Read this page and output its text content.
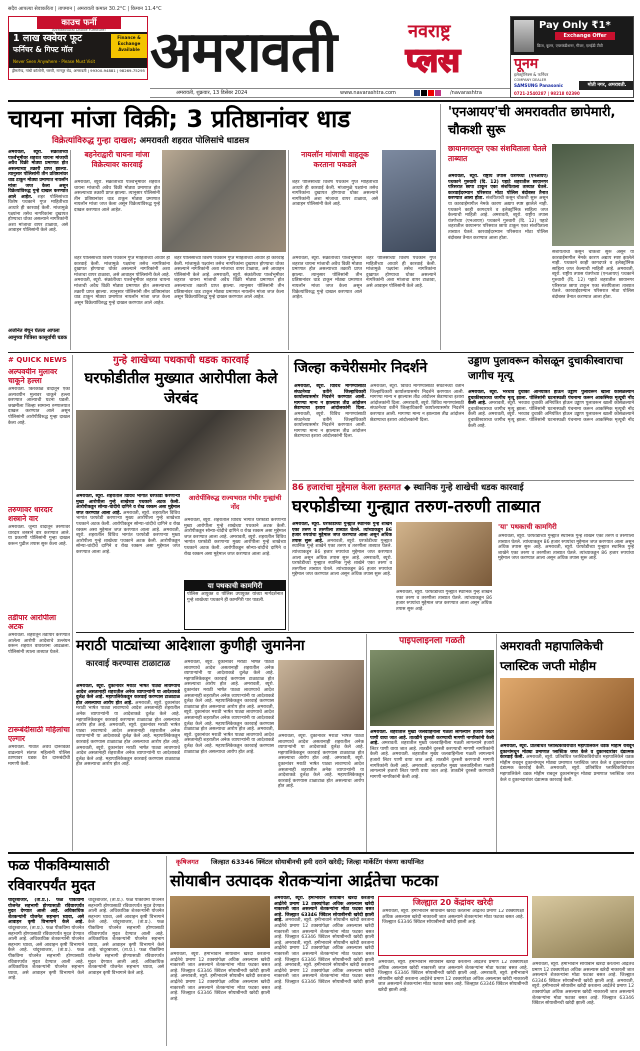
सदैव आपल्या सेवाकरिता | तापमान | अमरावती कमाल 30.2°C | किमान 11.4°C
काउच फर्नी
Architectural Choice Furniture!
1 लाख स्क्वेयर फूट
फर्निचर & गिफ्ट मॉल
Finance & Exchange Available
Never Seen Anywhere - Please Must Visit
ड्रीमलॅन्ड, गांधी कॉलोनी, चरणी, नागपूर रोड, अमरावती | 99300-94881 | 98269-75295 अमरावती	नवराष्ट्र
प्लस
अमरावती, शुक्रवार, 13 डिसेंबर 2024	www.navarashtra.com	/navarashtra
Pay Only ₹1*
Exchange Offer
फ्रिज, कूलर, एयरकंडीशनर, गीजर, एलईडी टीवी
पूनम
इलेक्ट्रॉनिक्स & फर्निचर
COMPANY DEALER
SAMSUNG Panasonic	मोती नगर, अमरावती.
0721-2540287 | 98218 02390
चायना मांजा विक्री; 3 प्रतिष्ठानांवर धाड
विक्रेत्यांविरुद्ध गुन्हा दाखल; अमरावती शहरात पोलिसांचे धाडसत्र
अमरावती, ब्यूरो. संक्रांतीच्या पार्श्वभूमीवर शहरात चायना मांजाची अवैध विक्री मोठ्या प्रमाणात होत असल्याच्या तक्रारी प्राप्त झाल्या. त्यानुसार पोलिसांनी तीन प्रतिष्ठानांवर धाड टाकून मोठ्या प्रमाणात नायलॉन मांजा जप्त केला असून विक्रेत्यांविरुद्ध गुन्हे दाखल करण्यात आले आहेत. शहर पोलिसांच्या विशेष पथकाने गुप्त माहितीच्या आधारे ही कारवाई केली. मांजामुळे पक्ष्यांना तसेच नागरिकांना दुखापत होण्याचा धोका असल्याने नागरिकांनी अशा मांजाचा वापर टाळावा, असे आवाहन पोलिसांनी केले आहे.
अजोनेत बेचून घेतला आपला आमुच्या पित्रिसा कासूर्याची घडक
बहनेराद्वारी चायना मांजा विक्रेत्यावर कारवाई
अमरावती, ब्यूरो. संक्रांतीच्या पार्श्वभूमीवर शहरात चायना मांजाची अवैध विक्री मोठ्या प्रमाणात होत असल्याच्या तक्रारी प्राप्त झाल्या. त्यानुसार पोलिसांनी तीन प्रतिष्ठानांवर धाड टाकून मोठ्या प्रमाणात नायलॉन मांजा जप्त केला असून विक्रेत्यांविरुद्ध गुन्हे दाखल करण्यात आले आहेत.
शहर पोलिसांच्या विशेष पथकाने गुप्त माहितीच्या आधारे ही कारवाई केली. मांजामुळे पक्ष्यांना तसेच नागरिकांना दुखापत होण्याचा धोका असल्याने नागरिकांनी अशा मांजाचा वापर टाळावा, असे आवाहन पोलिसांनी केले आहे. अमरावती, ब्यूरो. संक्रांतीच्या पार्श्वभूमीवर शहरात चायना मांजाची अवैध विक्री मोठ्या प्रमाणात होत असल्याच्या तक्रारी प्राप्त झाल्या. त्यानुसार पोलिसांनी तीन प्रतिष्ठानांवर धाड टाकून मोठ्या प्रमाणात नायलॉन मांजा जप्त केला असून विक्रेत्यांविरुद्ध गुन्हे दाखल करण्यात आले आहेत.
शहर पोलिसांच्या विशेष पथकाने गुप्त माहितीच्या आधारे ही कारवाई केली. मांजामुळे पक्ष्यांना तसेच नागरिकांना दुखापत होण्याचा धोका असल्याने नागरिकांनी अशा मांजाचा वापर टाळावा, असे आवाहन पोलिसांनी केले आहे. अमरावती, ब्यूरो. संक्रांतीच्या पार्श्वभूमीवर शहरात चायना मांजाची अवैध विक्री मोठ्या प्रमाणात होत असल्याच्या तक्रारी प्राप्त झाल्या. त्यानुसार पोलिसांनी तीन प्रतिष्ठानांवर धाड टाकून मोठ्या प्रमाणात नायलॉन मांजा जप्त केला असून विक्रेत्यांविरुद्ध गुन्हे दाखल करण्यात आले आहेत.
नायलॉन मांजाची वाहतूक करताना पकडले
शहर पोलिसांच्या विशेष पथकाने गुप्त माहितीच्या आधारे ही कारवाई केली. मांजामुळे पक्ष्यांना तसेच नागरिकांना दुखापत होण्याचा धोका असल्याने नागरिकांनी अशा मांजाचा वापर टाळावा, असे आवाहन पोलिसांनी केले आहे.
अमरावती, ब्यूरो. संक्रांतीच्या पार्श्वभूमीवर शहरात चायना मांजाची अवैध विक्री मोठ्या प्रमाणात होत असल्याच्या तक्रारी प्राप्त झाल्या. त्यानुसार पोलिसांनी तीन प्रतिष्ठानांवर धाड टाकून मोठ्या प्रमाणात नायलॉन मांजा जप्त केला असून विक्रेत्यांविरुद्ध गुन्हे दाखल करण्यात आले आहेत.
शहर पोलिसांच्या विशेष पथकाने गुप्त माहितीच्या आधारे ही कारवाई केली. मांजामुळे पक्ष्यांना तसेच नागरिकांना दुखापत होण्याचा धोका असल्याने नागरिकांनी अशा मांजाचा वापर टाळावा, असे आवाहन पोलिसांनी केले आहे.
'एनआयए'ची अमरावतीत छापेमारी, चौकशी सुरू
छायानगरातून एका संशयिताला घेतले ताब्यात
अमरावती, ब्यूरो. राष्ट्रीय तपास यंत्रणेच्या (एनआयए) पथकाने गुरुवारी (दि. 12) पहाटे शहरातील छायानगर परिसरात छापा टाकून एका संशयिताला ताब्यात घेतले. कारवाईदरम्यान परिसरात मोठा पोलिस बंदोबस्त तैनात करण्यात आला होता. संशयिताची कसून चौकशी सुरू असून या कारवाईमागील नेमके कारण अद्याप स्पष्ट झालेले नाही. पथकाने काही कागदपत्रे व इलेक्ट्रॉनिक साहित्य जप्त केल्याची माहिती आहे. अमरावती, ब्यूरो. राष्ट्रीय तपास यंत्रणेच्या (एनआयए) पथकाने गुरुवारी (दि. 12) पहाटे शहरातील छायानगर परिसरात छापा टाकून एका संशयिताला ताब्यात घेतले. कारवाईदरम्यान परिसरात मोठा पोलिस बंदोबस्त तैनात करण्यात आला होता.
संशयिताची कसून चौकशी सुरू असून या कारवाईमागील नेमके कारण अद्याप स्पष्ट झालेले नाही. पथकाने काही कागदपत्रे व इलेक्ट्रॉनिक साहित्य जप्त केल्याची माहिती आहे. अमरावती, ब्यूरो. राष्ट्रीय तपास यंत्रणेच्या (एनआयए) पथकाने गुरुवारी (दि. 12) पहाटे शहरातील छायानगर परिसरात छापा टाकून एका संशयिताला ताब्यात घेतले. कारवाईदरम्यान परिसरात मोठा पोलिस बंदोबस्त तैनात करण्यात आला होता.
# QUICK NEWS
अल्पवयीन मुलावर चाकूने हल्ला
अमरावती. किरकोळ वादातून एका अल्पवयीन मुलावर चाकूने हल्ला करण्यात आल्याची घटना घडली. जखमीला जिल्हा सामान्य रुग्णालयात दाखल करण्यात आले असून पोलिसांनी आरोपीविरुद्ध गुन्हा दाखल केला आहे.
तरुणावर धारदार शस्त्राने वार
अमरावती. जुन्या वादातून तरुणावर धारदार शस्त्राने वार करण्यात आले. या प्रकरणी पोलिसांनी गुन्हा दाखल करून पुढील तपास सुरू केला आहे.
तडीपार आरोपीला अटक
अमरावती. शहरातून तडीपार करण्यात आलेला आरोपी आदेशाचे उल्लंघन करून शहरात वावरताना आढळला. पोलिसांनी त्याला ताब्यात घेतले.
टारूबंदीसाठी महिलांचा एल्गार
अमरावती. गावात अवैध दारूविक्री वाढल्याने संतप्त महिलांनी पोलिस ठाण्यावर धडक देत दारूबंदीची मागणी केली.
गुन्हे शाखेच्या पथकाची धडक कारवाई
घरफोडीतील मुख्यात आरोपीला केले जेरबंद
अमरावती, ब्यूरो. शहरातील विविध भागांत घरफोडी करणाऱ्या मुख्य आरोपीला गुन्हे शाखेच्या पथकाने अटक केली. आरोपीकडून सोन्या-चांदीचे दागिने व रोख रक्कम असा मुद्देमाल जप्त करण्यात आला आहे. अमरावती, ब्यूरो. शहरातील विविध भागांत घरफोडी करणाऱ्या मुख्य आरोपीला गुन्हे शाखेच्या पथकाने अटक केली. आरोपीकडून सोन्या-चांदीचे दागिने व रोख रक्कम असा मुद्देमाल जप्त करण्यात आला आहे. अमरावती, ब्यूरो. शहरातील विविध भागांत घरफोडी करणाऱ्या मुख्य आरोपीला गुन्हे शाखेच्या पथकाने अटक केली. आरोपीकडून सोन्या-चांदीचे दागिने व रोख रक्कम असा मुद्देमाल जप्त करण्यात आला आहे.
आरोपींविरुद्ध राज्यभरात गंभीर गुन्ह्यांची नोंद
अमरावती, ब्यूरो. शहरातील विविध भागांत घरफोडी करणाऱ्या मुख्य आरोपीला गुन्हे शाखेच्या पथकाने अटक केली. आरोपीकडून सोन्या-चांदीचे दागिने व रोख रक्कम असा मुद्देमाल जप्त करण्यात आला आहे. अमरावती, ब्यूरो. शहरातील विविध भागांत घरफोडी करणाऱ्या मुख्य आरोपीला गुन्हे शाखेच्या पथकाने अटक केली. आरोपीकडून सोन्या-चांदीचे दागिने व रोख रक्कम असा मुद्देमाल जप्त करण्यात आला आहे.
या पथकाची कामगिरी
पोलिस आयुक्त व पोलिस उपायुक्त यांच्या मार्गदर्शनात गुन्हे शाखेच्या पथकाने ही कामगिरी पार पाडली.
जिल्हा कचेरीसमोर निदर्शने
अमरावती, ब्यूरो. विविध मागण्यांसाठी संघटनेच्या वतीने जिल्हाधिकारी कार्यालयासमोर निदर्शने करण्यात आली. मागण्या मान्य न झाल्यास तीव्र आंदोलन छेडण्याचा इशारा आंदोलकांनी दिला. अमरावती, ब्यूरो. विविध मागण्यांसाठी संघटनेच्या वतीने जिल्हाधिकारी कार्यालयासमोर निदर्शने करण्यात आली. मागण्या मान्य न झाल्यास तीव्र आंदोलन छेडण्याचा इशारा आंदोलकांनी दिला.
अमरावती, ब्यूरो. विविध मागण्यांसाठी संघटनेच्या वतीने जिल्हाधिकारी कार्यालयासमोर निदर्शने करण्यात आली. मागण्या मान्य न झाल्यास तीव्र आंदोलन छेडण्याचा इशारा आंदोलकांनी दिला. अमरावती, ब्यूरो. विविध मागण्यांसाठी संघटनेच्या वतीने जिल्हाधिकारी कार्यालयासमोर निदर्शने करण्यात आली. मागण्या मान्य न झाल्यास तीव्र आंदोलन छेडण्याचा इशारा आंदोलकांनी दिला.
उड्डाण पुलावरून कोसळून दुचाकीस्वाराचा जागीच मृत्यू
अमरावती, ब्यूरो. भरधाव दुचाकी अनियंत्रित होऊन उड्डाण पुलावरून खाली कोसळल्याने दुचाकीस्वाराचा जागीच मृत्यू झाला. पोलिसांनी घटनास्थळी पंचनामा करून आकस्मिक मृत्यूची नोंद केली आहे. अमरावती, ब्यूरो. भरधाव दुचाकी अनियंत्रित होऊन उड्डाण पुलावरून खाली कोसळल्याने दुचाकीस्वाराचा जागीच मृत्यू झाला. पोलिसांनी घटनास्थळी पंचनामा करून आकस्मिक मृत्यूची नोंद केली आहे. अमरावती, ब्यूरो. भरधाव दुचाकी अनियंत्रित होऊन उड्डाण पुलावरून खाली कोसळल्याने दुचाकीस्वाराचा जागीच मृत्यू झाला. पोलिसांनी घटनास्थळी पंचनामा करून आकस्मिक मृत्यूची नोंद केली आहे.
86 हजारांचा मुद्देमाल केला हस्तगत ◆ स्थानिक गुन्हे शाखेची धडक कारवाई
घरफोडीच्या गुन्ह्यात तरुण-तरुणी ताब्यात
अमरावती, ब्यूरो. घरफोडीच्या गुन्ह्यात स्थानिक गुन्हे शाखेने एका तरुण व तरुणीला ताब्यात घेतले. त्यांच्याकडून 86 हजार रुपयांचा मुद्देमाल जप्त करण्यात आला असून अधिक तपास सुरू आहे. अमरावती, ब्यूरो. घरफोडीच्या गुन्ह्यात स्थानिक गुन्हे शाखेने एका तरुण व तरुणीला ताब्यात घेतले. त्यांच्याकडून 86 हजार रुपयांचा मुद्देमाल जप्त करण्यात आला असून अधिक तपास सुरू आहे. अमरावती, ब्यूरो. घरफोडीच्या गुन्ह्यात स्थानिक गुन्हे शाखेने एका तरुण व तरुणीला ताब्यात घेतले. त्यांच्याकडून 86 हजार रुपयांचा मुद्देमाल जप्त करण्यात आला असून अधिक तपास सुरू आहे.
'या' पथकाची कामगिरी
अमरावती, ब्यूरो. घरफोडीच्या गुन्ह्यात स्थानिक गुन्हे शाखेने एका तरुण व तरुणीला ताब्यात घेतले. त्यांच्याकडून 86 हजार रुपयांचा मुद्देमाल जप्त करण्यात आला असून अधिक तपास सुरू आहे. अमरावती, ब्यूरो. घरफोडीच्या गुन्ह्यात स्थानिक गुन्हे शाखेने एका तरुण व तरुणीला ताब्यात घेतले. त्यांच्याकडून 86 हजार रुपयांचा मुद्देमाल जप्त करण्यात आला असून अधिक तपास सुरू आहे.
अमरावती, ब्यूरो. घरफोडीच्या गुन्ह्यात स्थानिक गुन्हे शाखेने एका तरुण व तरुणीला ताब्यात घेतले. त्यांच्याकडून 86 हजार रुपयांचा मुद्देमाल जप्त करण्यात आला असून अधिक तपास सुरू आहे.
मराठी पाट्यांच्या आदेशाला कुणीही जुमानेना
कारवाई करण्यास टाळाटाळ
अमरावती, ब्यूरो. दुकानांवर मराठी भाषेत पाट्या लावण्याचे आदेश असतानाही शहरातील अनेक व्यापाऱ्यांनी या आदेशाकडे दुर्लक्ष केले आहे. महापालिकेकडून कारवाई करण्यास टाळाटाळ होत असल्याचा आरोप होत आहे. अमरावती, ब्यूरो. दुकानांवर मराठी भाषेत पाट्या लावण्याचे आदेश असतानाही शहरातील अनेक व्यापाऱ्यांनी या आदेशाकडे दुर्लक्ष केले आहे. महापालिकेकडून कारवाई करण्यास टाळाटाळ होत असल्याचा आरोप होत आहे. अमरावती, ब्यूरो. दुकानांवर मराठी भाषेत पाट्या लावण्याचे आदेश असतानाही शहरातील अनेक व्यापाऱ्यांनी या आदेशाकडे दुर्लक्ष केले आहे. महापालिकेकडून कारवाई करण्यास टाळाटाळ होत असल्याचा आरोप होत आहे. अमरावती, ब्यूरो. दुकानांवर मराठी भाषेत पाट्या लावण्याचे आदेश असतानाही शहरातील अनेक व्यापाऱ्यांनी या आदेशाकडे दुर्लक्ष केले आहे. महापालिकेकडून कारवाई करण्यास टाळाटाळ होत असल्याचा आरोप होत आहे.
अमरावती, ब्यूरो. दुकानांवर मराठी भाषेत पाट्या लावण्याचे आदेश असतानाही शहरातील अनेक व्यापाऱ्यांनी या आदेशाकडे दुर्लक्ष केले आहे. महापालिकेकडून कारवाई करण्यास टाळाटाळ होत असल्याचा आरोप होत आहे. अमरावती, ब्यूरो. दुकानांवर मराठी भाषेत पाट्या लावण्याचे आदेश असतानाही शहरातील अनेक व्यापाऱ्यांनी या आदेशाकडे दुर्लक्ष केले आहे. महापालिकेकडून कारवाई करण्यास टाळाटाळ होत असल्याचा आरोप होत आहे. अमरावती, ब्यूरो. दुकानांवर मराठी भाषेत पाट्या लावण्याचे आदेश असतानाही शहरातील अनेक व्यापाऱ्यांनी या आदेशाकडे दुर्लक्ष केले आहे. महापालिकेकडून कारवाई करण्यास टाळाटाळ होत असल्याचा आरोप होत आहे. अमरावती, ब्यूरो. दुकानांवर मराठी भाषेत पाट्या लावण्याचे आदेश असतानाही शहरातील अनेक व्यापाऱ्यांनी या आदेशाकडे दुर्लक्ष केले आहे. महापालिकेकडून कारवाई करण्यास टाळाटाळ होत असल्याचा आरोप होत आहे.
अमरावती, ब्यूरो. दुकानांवर मराठी भाषेत पाट्या लावण्याचे आदेश असतानाही शहरातील अनेक व्यापाऱ्यांनी या आदेशाकडे दुर्लक्ष केले आहे. महापालिकेकडून कारवाई करण्यास टाळाटाळ होत असल्याचा आरोप होत आहे. अमरावती, ब्यूरो. दुकानांवर मराठी भाषेत पाट्या लावण्याचे आदेश असतानाही शहरातील अनेक व्यापाऱ्यांनी या आदेशाकडे दुर्लक्ष केले आहे. महापालिकेकडून कारवाई करण्यास टाळाटाळ होत असल्याचा आरोप होत आहे.
पाइपलाइनला गळती
अमरावती. शहरातील मुख्य जलवाहिनीला गळती लागल्याने हजारो लिटर पाणी वाया जात आहे. तातडीने दुरुस्ती करण्याची मागणी नागरिकांनी केली आहे. अमरावती. शहरातील मुख्य जलवाहिनीला गळती लागल्याने हजारो लिटर पाणी वाया जात आहे. तातडीने दुरुस्ती करण्याची मागणी नागरिकांनी केली आहे. अमरावती. शहरातील मुख्य जलवाहिनीला गळती लागल्याने हजारो लिटर पाणी वाया जात आहे. तातडीने दुरुस्ती करण्याची मागणी नागरिकांनी केली आहे. अमरावती. शहरातील मुख्य जलवाहिनीला गळती लागल्याने हजारो लिटर पाणी वाया जात आहे. तातडीने दुरुस्ती करण्याची मागणी नागरिकांनी केली आहे.
अमरावती महापालिकेची प्लास्टिक जप्ती मोहीम
अमरावती, ब्यूरो. प्रतिबंधित प्लास्टिकविरोधात महापालिकेने धडक मोहीम राबवून दुकानांमधून मोठ्या प्रमाणात प्लास्टिक जप्त केले व दुकानदारांवर दंडात्मक कारवाई केली. अमरावती, ब्यूरो. प्रतिबंधित प्लास्टिकविरोधात महापालिकेने धडक मोहीम राबवून दुकानांमधून मोठ्या प्रमाणात प्लास्टिक जप्त केले व दुकानदारांवर दंडात्मक कारवाई केली. अमरावती, ब्यूरो. प्रतिबंधित प्लास्टिकविरोधात महापालिकेने धडक मोहीम राबवून दुकानांमधून मोठ्या प्रमाणात प्लास्टिक जप्त केले व दुकानदारांवर दंडात्मक कारवाई केली.
फळ पीकविम्यासाठी रविवारपर्यंत मुदत
चांदूरबाजार, (ता.प्र.). फळ पीकविमा योजनेत सहभागी होण्यासाठी रविवारपर्यंत मुदत देण्यात आली आहे. अधिकाधिक शेतकऱ्यांनी योजनेत सहभाग घ्यावा, असे आवाहन कृषी विभागाने केले आहे. चांदूरबाजार, (ता.प्र.). फळ पीकविमा योजनेत सहभागी होण्यासाठी रविवारपर्यंत मुदत देण्यात आली आहे. अधिकाधिक शेतकऱ्यांनी योजनेत सहभाग घ्यावा, असे आवाहन कृषी विभागाने केले आहे. चांदूरबाजार, (ता.प्र.). फळ पीकविमा योजनेत सहभागी होण्यासाठी रविवारपर्यंत मुदत देण्यात आली आहे. अधिकाधिक शेतकऱ्यांनी योजनेत सहभाग घ्यावा, असे आवाहन कृषी विभागाने केले आहे.
चांदूरबाजार, (ता.प्र.). फळ पीकविमा योजनेत सहभागी होण्यासाठी रविवारपर्यंत मुदत देण्यात आली आहे. अधिकाधिक शेतकऱ्यांनी योजनेत सहभाग घ्यावा, असे आवाहन कृषी विभागाने केले आहे. चांदूरबाजार, (ता.प्र.). फळ पीकविमा योजनेत सहभागी होण्यासाठी रविवारपर्यंत मुदत देण्यात आली आहे. अधिकाधिक शेतकऱ्यांनी योजनेत सहभाग घ्यावा, असे आवाहन कृषी विभागाने केले आहे. चांदूरबाजार, (ता.प्र.). फळ पीकविमा योजनेत सहभागी होण्यासाठी रविवारपर्यंत मुदत देण्यात आली आहे. अधिकाधिक शेतकऱ्यांनी योजनेत सहभाग घ्यावा, असे आवाहन कृषी विभागाने केले आहे.
कृषिजगत जिल्हात 63346 क्विंटल सोयाबीनची हमी दराने खरेदी; जिल्हा मार्केटिंग यंत्रणा कार्यान्वित
सोयाबीन उत्पादक शेतकऱ्यांना आर्द्रतेचा फटका
अमरावती, ब्यूरो. हमीभावाने सोयाबीन खरेदी करताना आर्द्रतेचे प्रमाण 12 टक्क्यांपेक्षा अधिक असल्यास खरेदी नाकारली जात असल्याने शेतकऱ्यांना मोठा फटका बसत आहे. जिल्ह्यात 63346 क्विंटल सोयाबीनची खरेदी झाली आहे. अमरावती, ब्यूरो. हमीभावाने सोयाबीन खरेदी करताना आर्द्रतेचे प्रमाण 12 टक्क्यांपेक्षा अधिक असल्यास खरेदी नाकारली जात असल्याने शेतकऱ्यांना मोठा फटका बसत आहे. जिल्ह्यात 63346 क्विंटल सोयाबीनची खरेदी झाली आहे.
अमरावती, ब्यूरो. हमीभावाने सोयाबीन खरेदी करताना आर्द्रतेचे प्रमाण 12 टक्क्यांपेक्षा अधिक असल्यास खरेदी नाकारली जात असल्याने शेतकऱ्यांना मोठा फटका बसत आहे. जिल्ह्यात 63346 क्विंटल सोयाबीनची खरेदी झाली आहे. अमरावती, ब्यूरो. हमीभावाने सोयाबीन खरेदी करताना आर्द्रतेचे प्रमाण 12 टक्क्यांपेक्षा अधिक असल्यास खरेदी नाकारली जात असल्याने शेतकऱ्यांना मोठा फटका बसत आहे. जिल्ह्यात 63346 क्विंटल सोयाबीनची खरेदी झाली आहे. अमरावती, ब्यूरो. हमीभावाने सोयाबीन खरेदी करताना आर्द्रतेचे प्रमाण 12 टक्क्यांपेक्षा अधिक असल्यास खरेदी नाकारली जात असल्याने शेतकऱ्यांना मोठा फटका बसत आहे. जिल्ह्यात 63346 क्विंटल सोयाबीनची खरेदी झाली आहे. अमरावती, ब्यूरो. हमीभावाने सोयाबीन खरेदी करताना आर्द्रतेचे प्रमाण 12 टक्क्यांपेक्षा अधिक असल्यास खरेदी नाकारली जात असल्याने शेतकऱ्यांना मोठा फटका बसत आहे. जिल्ह्यात 63346 क्विंटल सोयाबीनची खरेदी झाली आहे.
जिल्ह्यात 20 केंद्रांवर खरेदी
अमरावती, ब्यूरो. हमीभावाने सोयाबीन खरेदी करताना आर्द्रतेचे प्रमाण 12 टक्क्यांपेक्षा अधिक असल्यास खरेदी नाकारली जात असल्याने शेतकऱ्यांना मोठा फटका बसत आहे. जिल्ह्यात 63346 क्विंटल सोयाबीनची खरेदी झाली आहे.
अमरावती, ब्यूरो. हमीभावाने सोयाबीन खरेदी करताना आर्द्रतेचे प्रमाण 12 टक्क्यांपेक्षा अधिक असल्यास खरेदी नाकारली जात असल्याने शेतकऱ्यांना मोठा फटका बसत आहे. जिल्ह्यात 63346 क्विंटल सोयाबीनची खरेदी झाली आहे. अमरावती, ब्यूरो. हमीभावाने सोयाबीन खरेदी करताना आर्द्रतेचे प्रमाण 12 टक्क्यांपेक्षा अधिक असल्यास खरेदी नाकारली जात असल्याने शेतकऱ्यांना मोठा फटका बसत आहे. जिल्ह्यात 63346 क्विंटल सोयाबीनची खरेदी झाली आहे.
अमरावती, ब्यूरो. हमीभावाने सोयाबीन खरेदी करताना आर्द्रतेचे प्रमाण 12 टक्क्यांपेक्षा अधिक असल्यास खरेदी नाकारली जात असल्याने शेतकऱ्यांना मोठा फटका बसत आहे. जिल्ह्यात 63346 क्विंटल सोयाबीनची खरेदी झाली आहे. अमरावती, ब्यूरो. हमीभावाने सोयाबीन खरेदी करताना आर्द्रतेचे प्रमाण 12 टक्क्यांपेक्षा अधिक असल्यास खरेदी नाकारली जात असल्याने शेतकऱ्यांना मोठा फटका बसत आहे. जिल्ह्यात 63346 क्विंटल सोयाबीनची खरेदी झाली आहे.
